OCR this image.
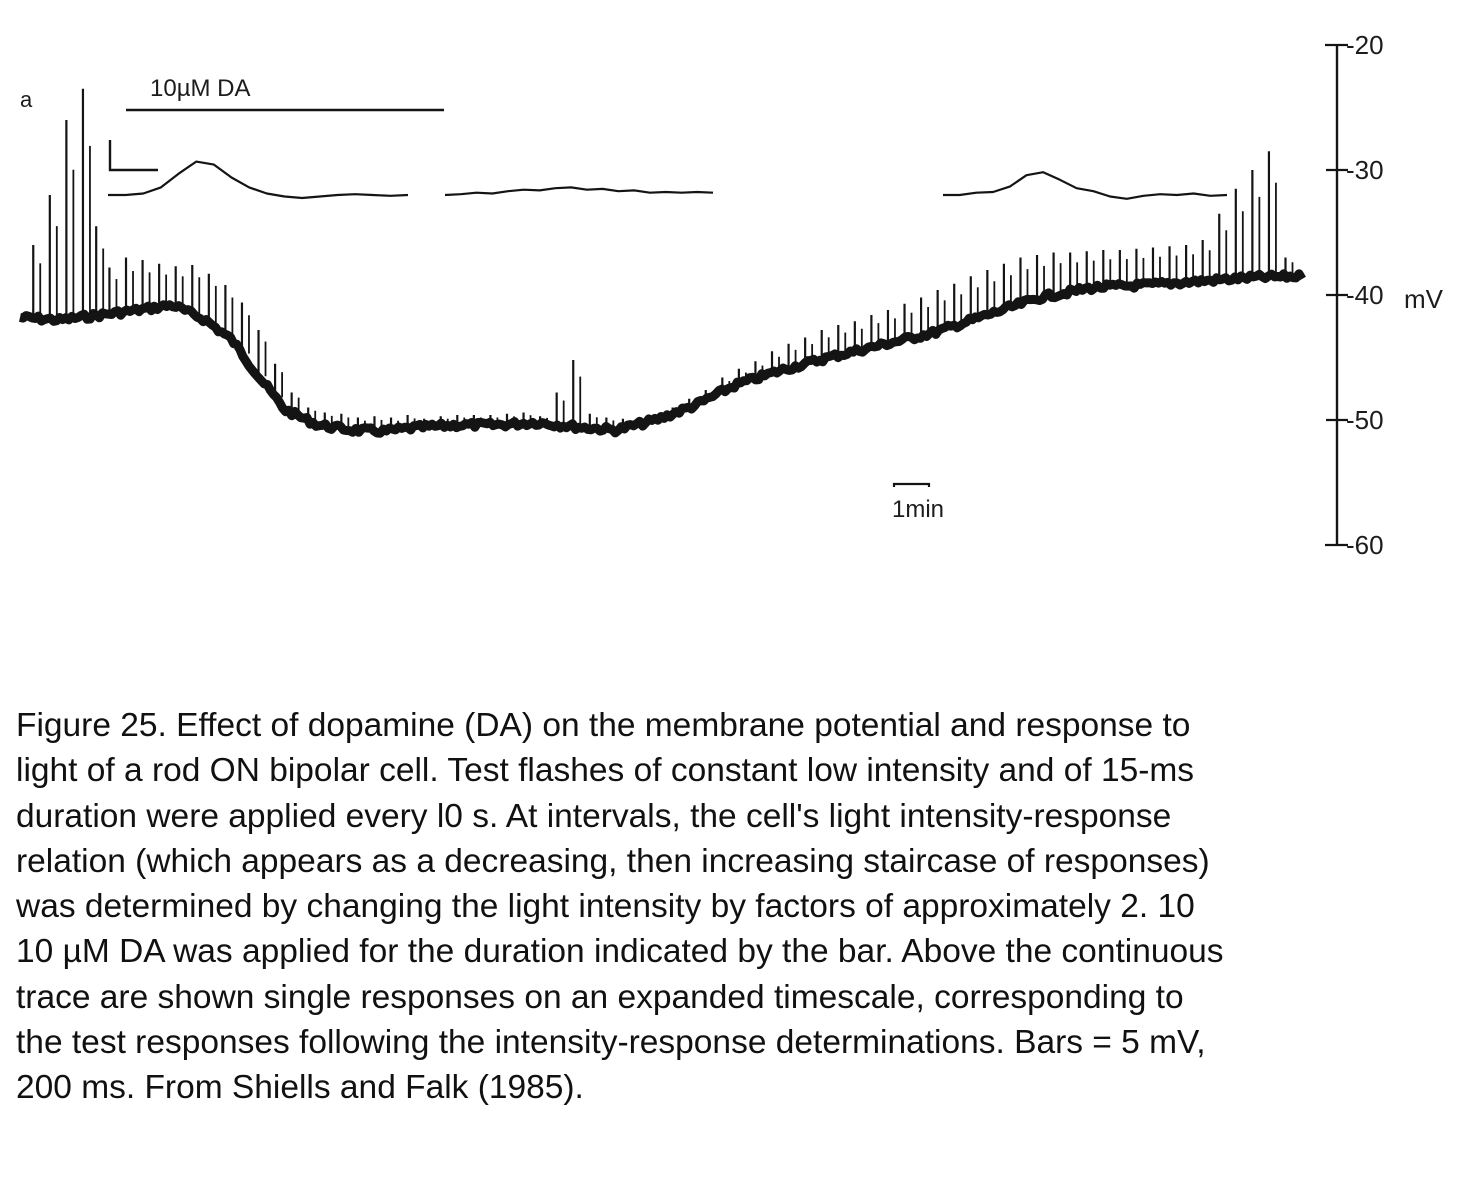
a	10µM DA
-20
-30
-40
-50
-60
mV
1min
Figure 25. Effect of dopamine (DA) on the membrane potential and response to
light of a rod ON bipolar cell. Test flashes of constant low intensity and of 15-ms
duration were applied every l0 s. At intervals, the cell's light intensity-response
relation (which appears as a decreasing, then increasing staircase of responses)
was determined by changing the light intensity by factors of approximately 2. 10
10 µM DA was applied for the duration indicated by the bar. Above the continuous
trace are shown single responses on an expanded timescale, corresponding to
the test responses following the intensity-response determinations. Bars = 5 mV,
200 ms. From Shiells and Falk (1985).
